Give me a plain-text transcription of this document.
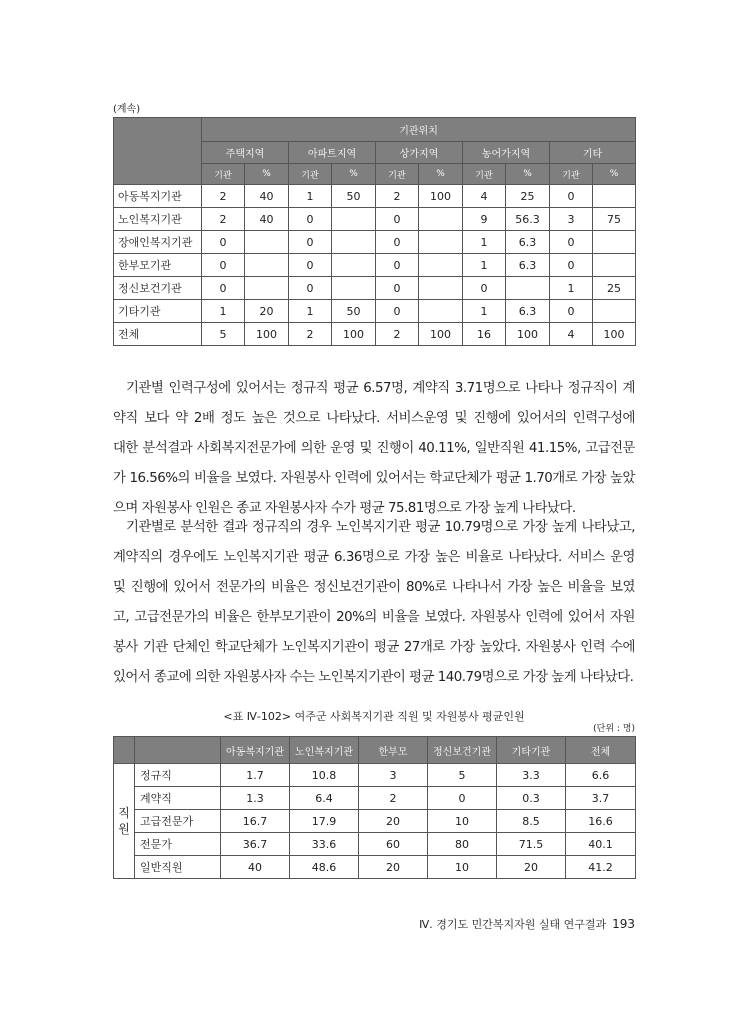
(계속)
	기관위치									
	주택지역		아파트지역		상가지역		농어가지역		기타	
	기관	%	기관	%	기관	%	기관	%	기관	%
아동복지기관	2	40	1	50	2	100	4	25	0	
노인복지기관	2	40	0		0		9	56.3	3	75
장애인복지기관	0		0		0		1	6.3	0	
한부모기관	0		0		0		1	6.3	0	
정신보건기관	0		0		0		0		1	25
기타기관	1	20	1	50	0		1	6.3	0	
전체	5	100	2	100	2	100	16	100	4	100

기관별 인력구성에 있어서는 정규직 평균 6.57명, 계약직 3.71명으로 나타나 정규직이 계
약직 보다 약 2배 정도 높은 것으로 나타났다. 서비스운영 및 진행에 있어서의 인력구성에
대한 분석결과 사회복지전문가에 의한 운영 및 진행이 40.11%, 일반직원 41.15%, 고급전문
가 16.56%의 비율을 보였다. 자원봉사 인력에 있어서는 학교단체가 평균 1.70개로 가장 높았
으며 자원봉사 인원은 종교 자원봉사자 수가 평균 75.81명으로 가장 높게 나타났다.

기관별로 분석한 결과 정규직의 경우 노인복지기관 평균 10.79명으로 가장 높게 나타났고,
계약직의 경우에도 노인복지기관 평균 6.36명으로 가장 높은 비율로 나타났다. 서비스 운영
및 진행에 있어서 전문가의 비율은 정신보건기관이 80%로 나타나서 가장 높은 비율을 보였
고, 고급전문가의 비율은 한부모기관이 20%의 비율을 보였다. 자원봉사 인력에 있어서 자원
봉사 기관 단체인 학교단체가 노인복지기관이 평균 27개로 가장 높았다. 자원봉사 인력 수에
있어서 종교에 의한 자원봉사자 수는 노인복지기관이 평균 140.79명으로 가장 높게 나타났다.

<표 Ⅳ-102> 여주군 사회복지기관 직원 및 자원봉사 평균인원
(단위 : 명)
		아동복지기관	노인복지기관	한부모	정신보건기관	기타기관	전체
직
원	정규직	1.7	10.8	3	5	3.3	6.6
	계약직	1.3	6.4	2	0	0.3	3.7
	고급전문가	16.7	17.9	20	10	8.5	16.6
	전문가	36.7	33.6	60	80	71.5	40.1
	일반직원	40	48.6	20	10	20	41.2
Ⅳ. 경기도 민간복지자원 실태 연구결과 193
